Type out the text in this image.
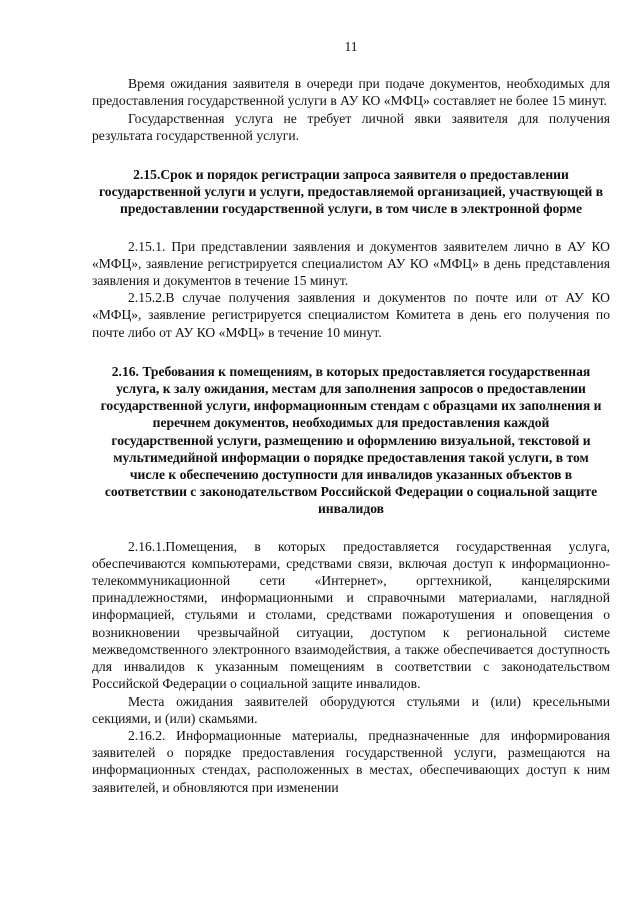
11

Время ожидания заявителя в очереди при подаче документов, необходимых для предоставления государственной услуги в АУ КО «МФЦ» составляет не более 15 минут.

Государственная услуга не требует личной явки заявителя для получения результата государственной услуги.

2.15.Срок и порядок регистрации запроса заявителя о предоставлении государственной услуги и услуги, предоставляемой организацией, участвующей в предоставлении государственной услуги, в том числе в электронной форме

2.15.1. При представлении заявления и документов заявителем лично в АУ КО «МФЦ», заявление регистрируется специалистом АУ КО «МФЦ» в день представления заявления и документов в течение 15 минут.

2.15.2.В случае получения заявления и документов по почте или от АУ КО «МФЦ», заявление регистрируется специалистом Комитета в день его получения по почте либо от АУ КО «МФЦ» в течение 10 минут.

2.16. Требования к помещениям, в которых предоставляется государственная услуга, к залу ожидания, местам для заполнения запросов о предоставлении государственной услуги, информационным стендам с образцами их заполнения и перечнем документов, необходимых для предоставления каждой государственной услуги, размещению и оформлению визуальной, текстовой и мультимедийной информации о порядке предоставления такой услуги, в том числе к обеспечению доступности для инвалидов указанных объектов в соответствии с законодательством Российской Федерации о социальной защите инвалидов

2.16.1.Помещения, в которых предоставляется государственная услуга, обеспечиваются компьютерами, средствами связи, включая доступ к информационно-телекоммуникационной сети «Интернет», оргтехникой, канцелярскими принадлежностями, информационными и справочными материалами, наглядной информацией, стульями и столами, средствами пожаротушения и оповещения о возникновении чрезвычайной ситуации, доступом к региональной системе межведомственного электронного взаимодействия, а также обеспечивается доступность для инвалидов к указанным помещениям в соответствии с законодательством Российской Федерации о социальной защите инвалидов.

Места ожидания заявителей оборудуются стульями и (или) кресельными секциями, и (или) скамьями.

2.16.2. Информационные материалы, предназначенные для информирования заявителей о порядке предоставления государственной услуги, размещаются на информационных стендах, расположенных в местах, обеспечивающих доступ к ним заявителей, и обновляются при изменении
